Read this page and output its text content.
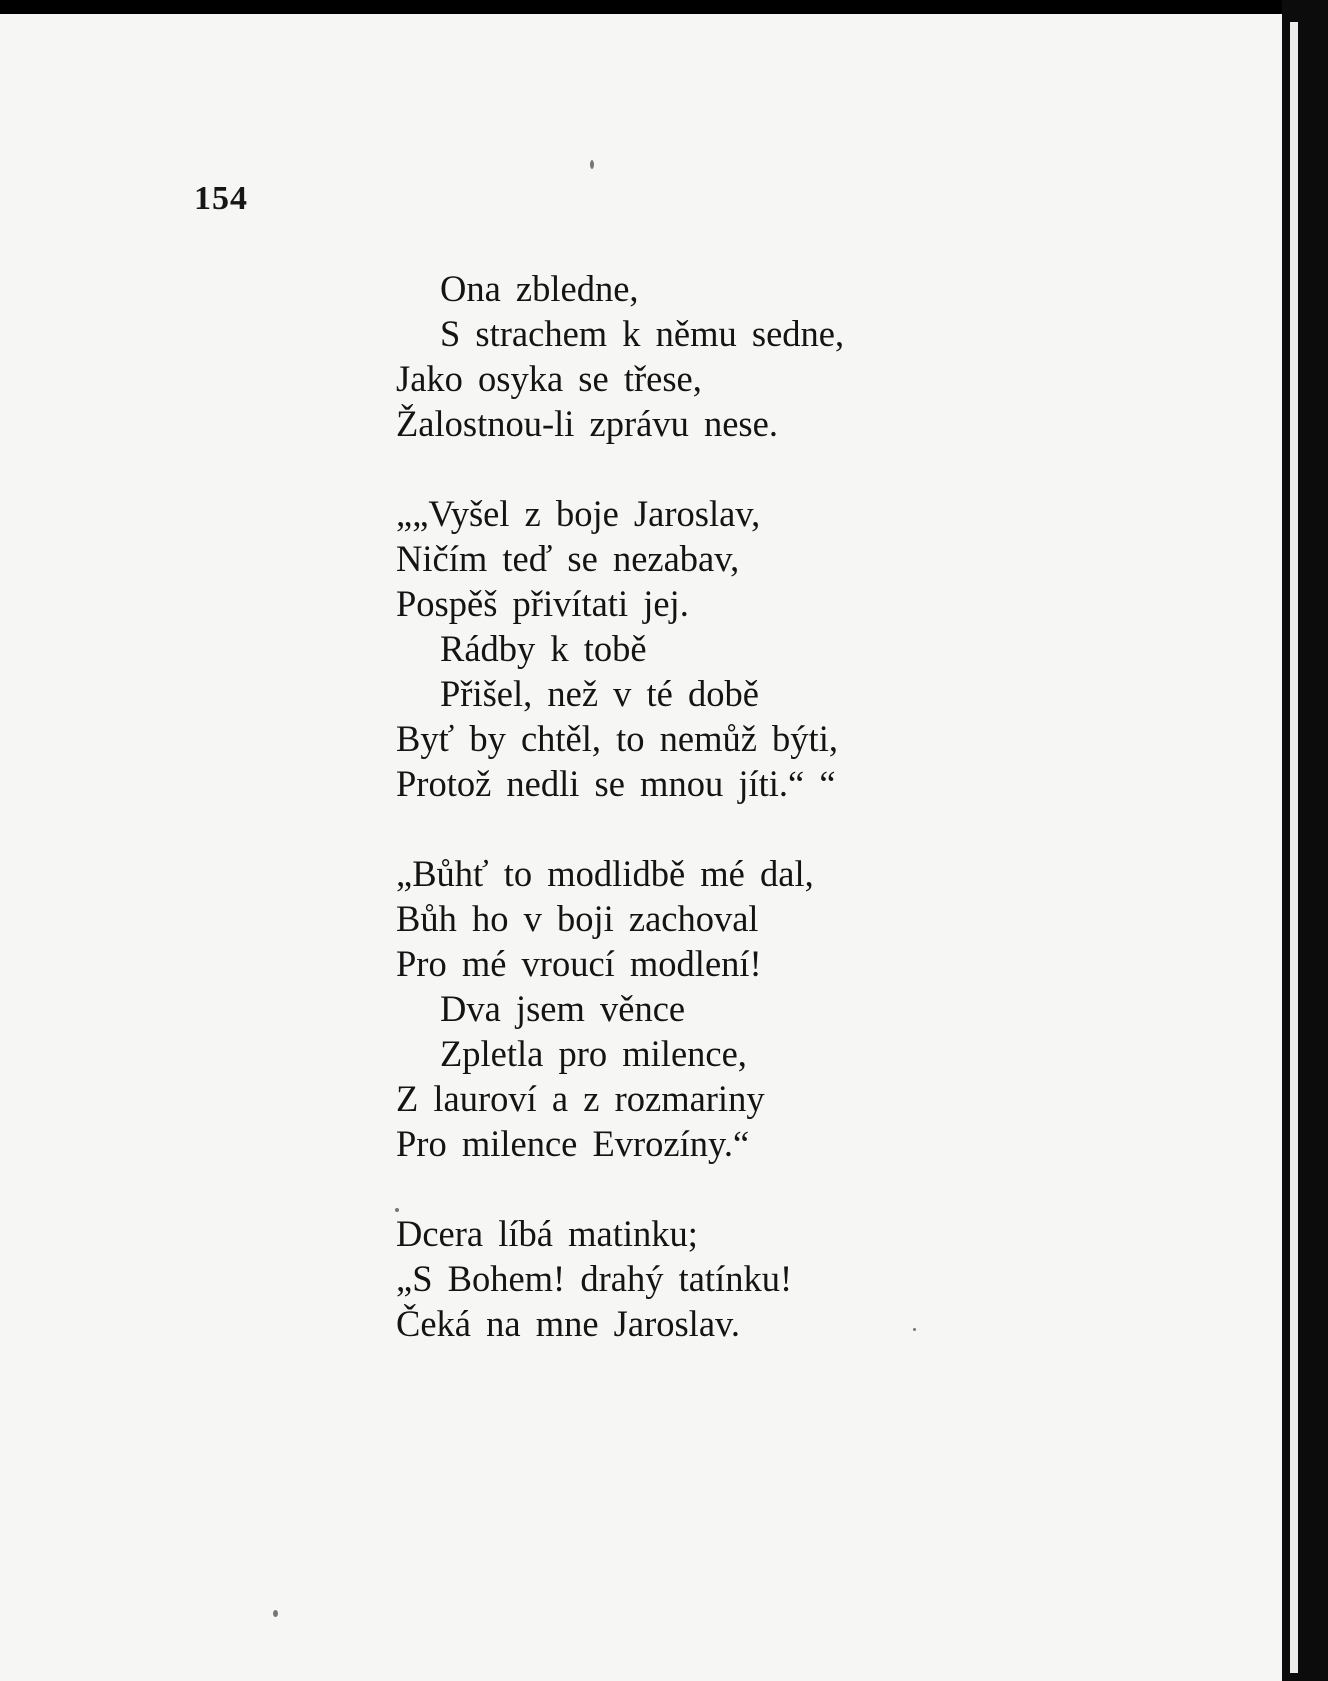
154
Ona zbledne,
S strachem k němu sedne,
Jako osyka se třese,
Žalostnou-li zprávu nese.
„„Vyšel z boje Jaroslav,
Ničím teď se nezabav,
Pospěš přivítati jej.
Rádby k tobě
Přišel, než v té době
Byť by chtěl, to nemůž býti,
Protož nedli se mnou jíti.“ “
„Bůhť to modlidbě mé dal,
Bůh ho v boji zachoval
Pro mé vroucí modlení!
Dva jsem věnce
Zpletla pro milence,
Z lauroví a z rozmariny
Pro milence Evrozíny.“
Dcera líbá matinku;
„S Bohem! drahý tatínku!
Čeká na mne Jaroslav.
